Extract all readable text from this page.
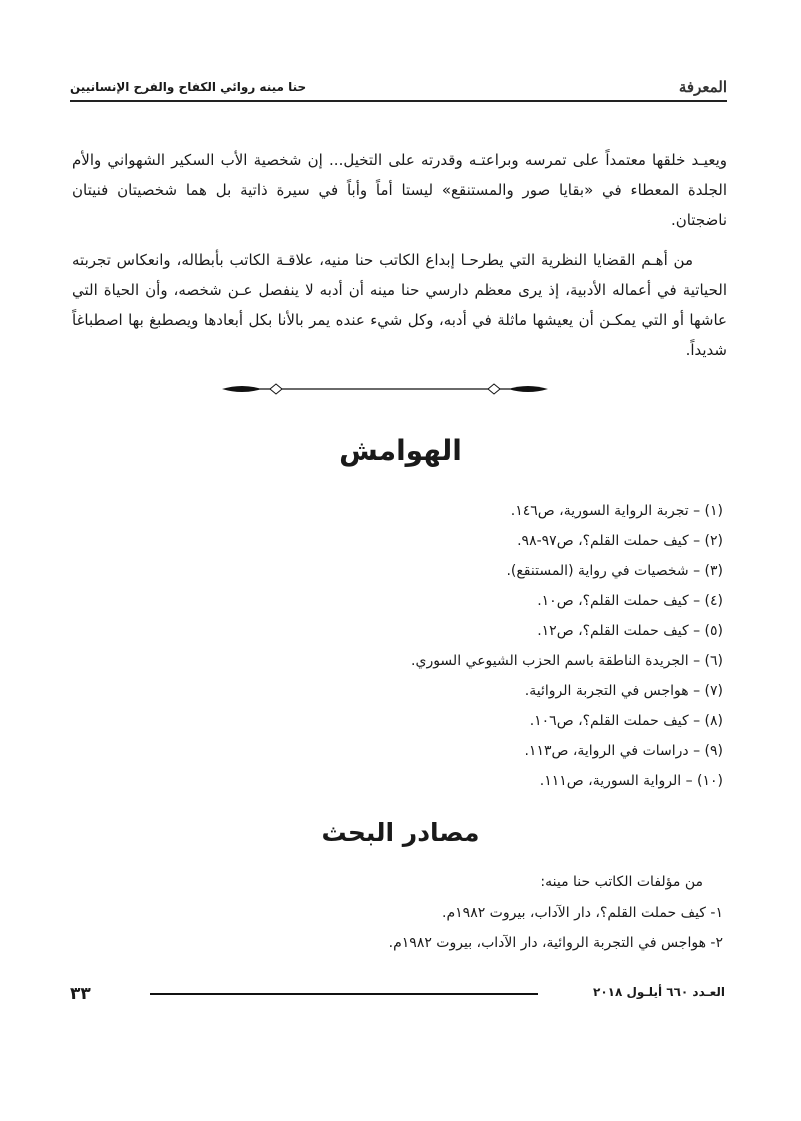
المعرفة
حنا مينه روائي الكفاح والفرح الإنسانيين

ويعيـد خلقها معتمداً على تمرسه وبراعتـه وقدرته على التخيل... إن شخصية الأب السكير الشهواني والأم الجلدة المعطاء في «بقايا صور والمستنقع» ليستا أماً وأباً في سيرة ذاتية بل هما شخصيتان فنيتان ناضجتان.

من أهـم القضايا النظرية التي يطرحـا إبداع الكاتب حنا منيه، علاقـة الكاتب بأبطاله، وانعكاس تجربته الحياتية في أعماله الأدبية، إذ يرى معظم دارسي حنا مينه أن أدبه لا ينفصل عـن شخصه، وأن الحياة التي عاشها أو التي يمكـن أن يعيشها ماثلة في أدبه، وكل شيء عنده يمر بالأنا بكل أبعادها ويصطبغ بها اصطباغاً شديداً.

الهوامش
(١) – تجربة الرواية السورية، ص١٤٦.
(٢) – كيف حملت القلم؟، ص٩٧-٩٨.
(٣) – شخصيات في رواية (المستنقع).
(٤) – كيف حملت القلم؟، ص١٠.
(٥) – كيف حملت القلم؟، ص١٢.
(٦) – الجريدة الناطقة باسم الحزب الشيوعي السوري.
(٧) – هواجس في التجربة الروائية.
(٨) – كيف حملت القلم؟، ص١٠٦.
(٩) – دراسات في الرواية، ص١١٣.
(١٠) – الرواية السورية، ص١١١.
مصادر البحث
من مؤلفات الكاتب حنا مينه:
١- كيف حملت القلم؟، دار الآداب، بيروت ١٩٨٢م.
٢- هواجس في التجربة الروائية، دار الآداب، بيروت ١٩٨٢م.
٣٣	العـدد ٦٦٠ أيلـول ٢٠١٨
